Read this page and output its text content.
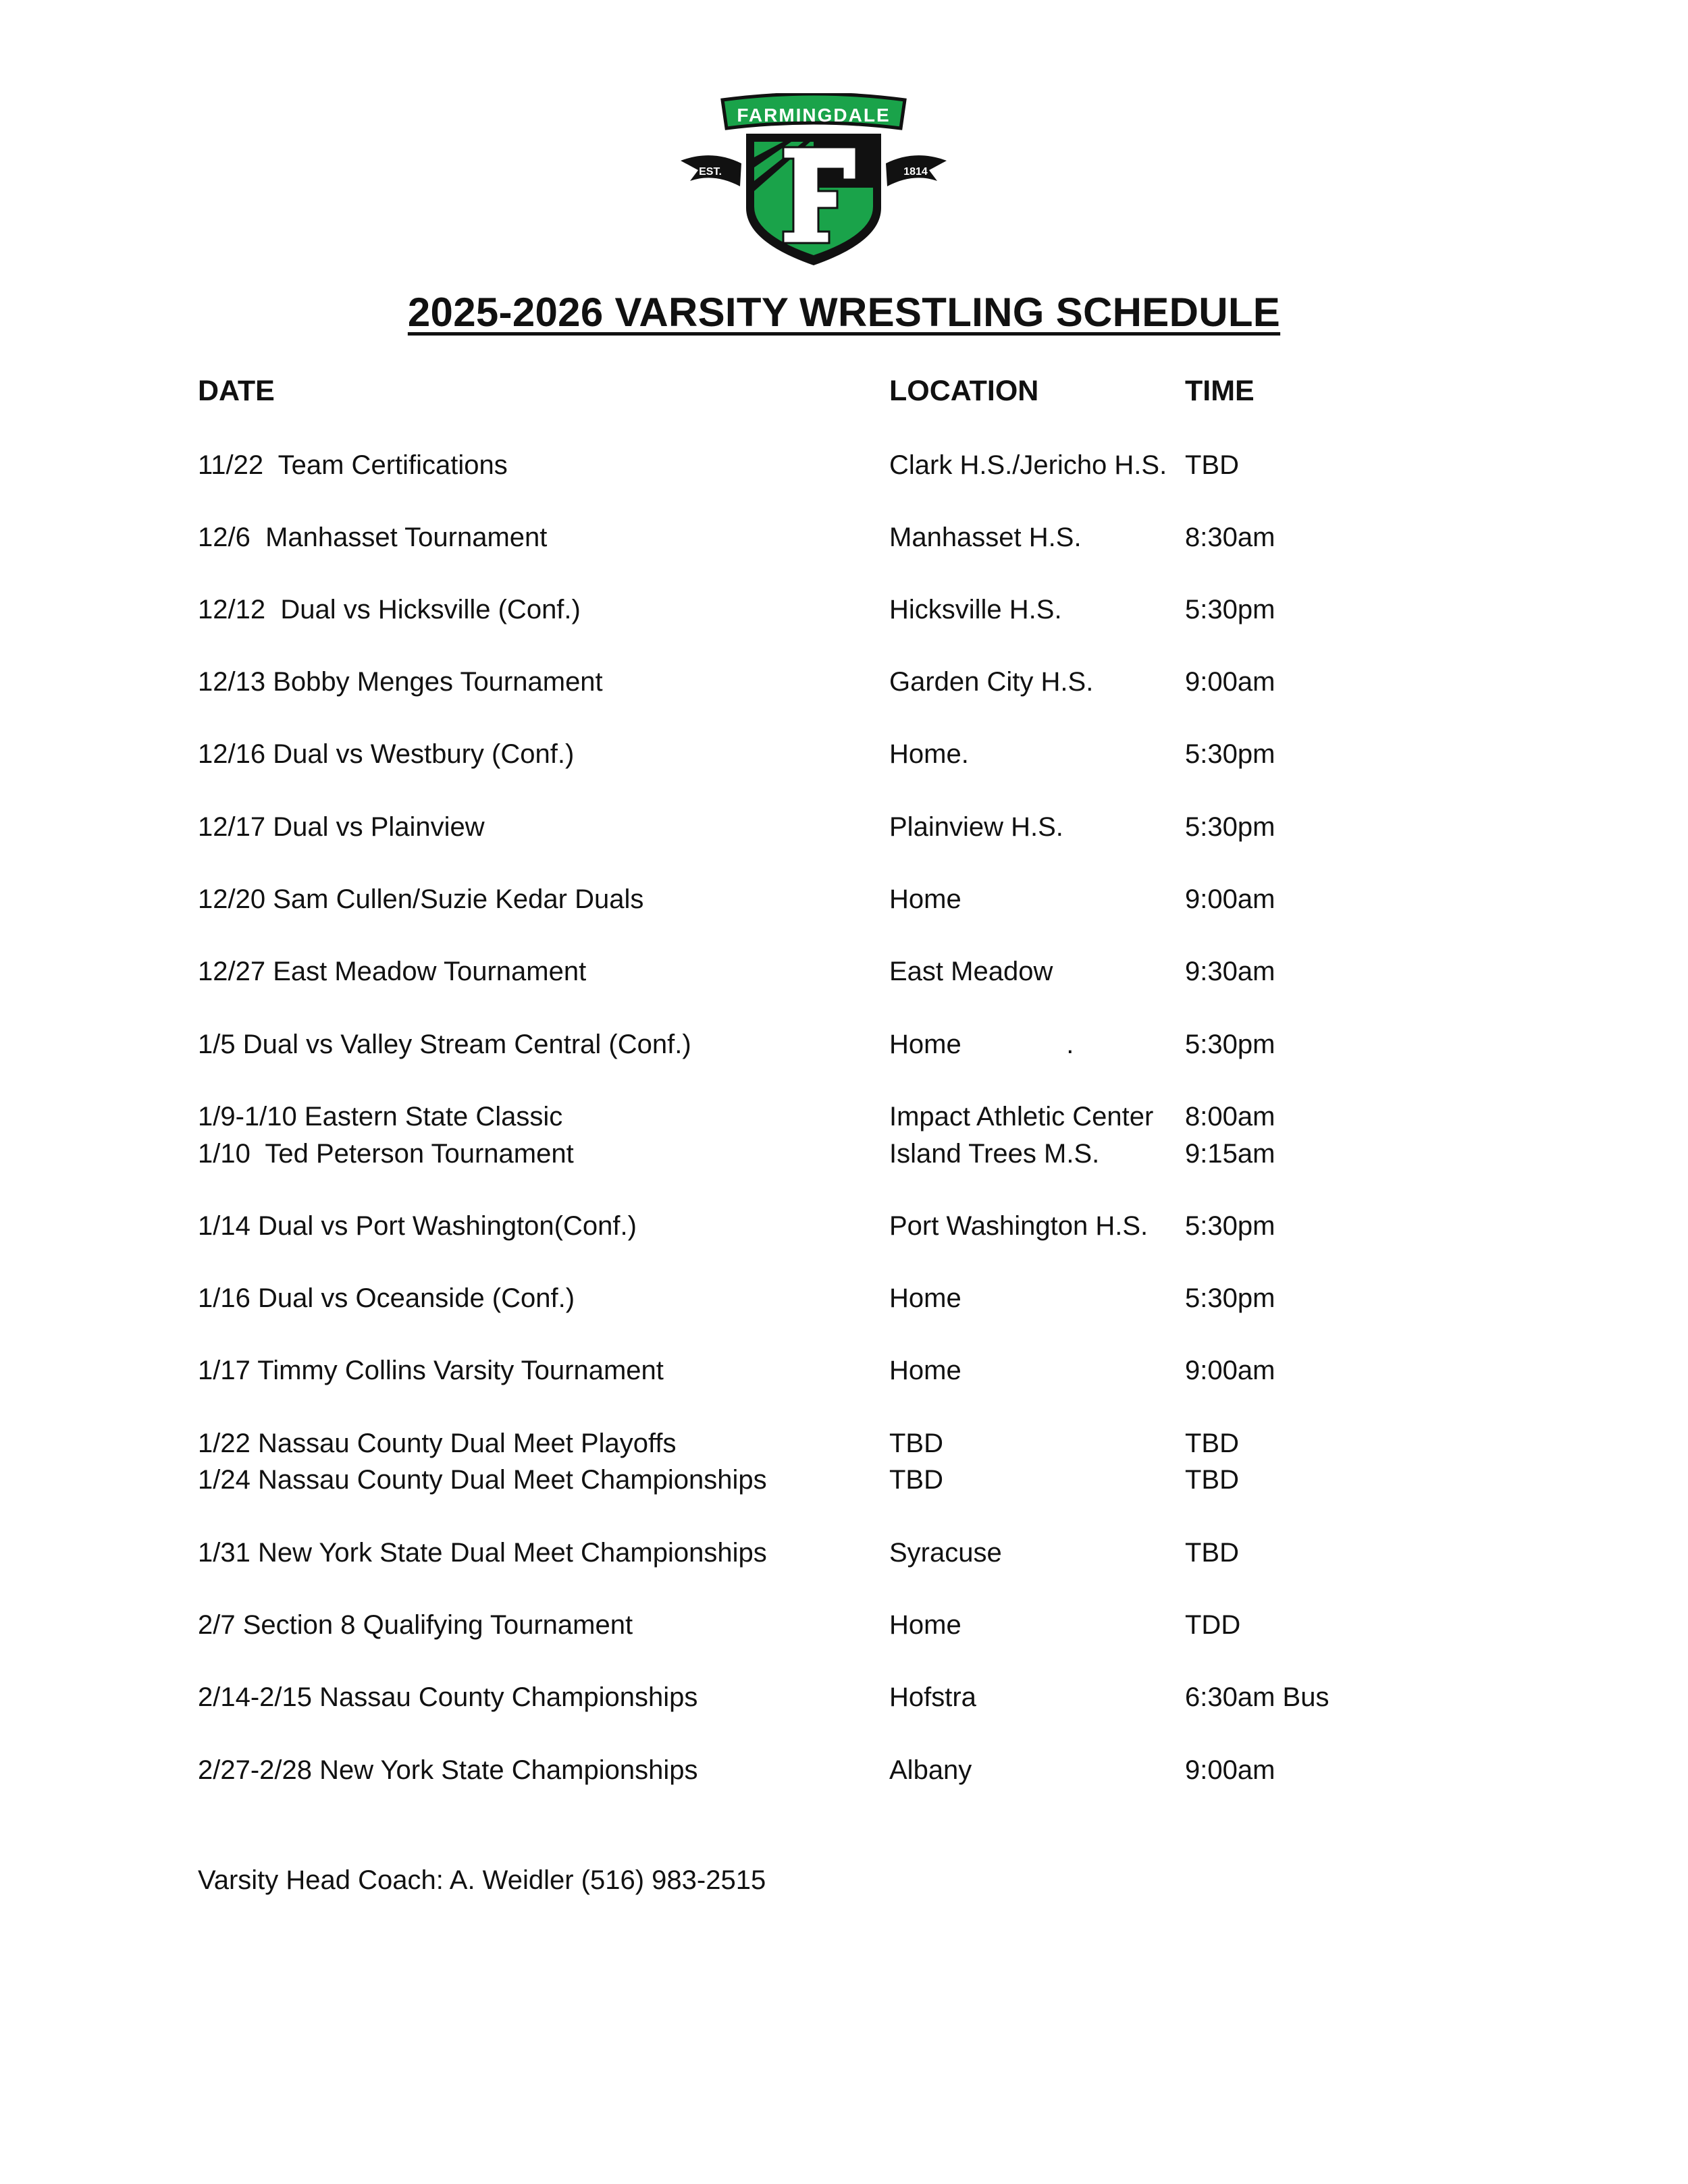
FARMINGDALE
EST.	1814
F
2025-2026 VARSITY WRESTLING SCHEDULE
DATE	LOCATION	TIME
11/22  Team Certifications	Clark H.S./Jericho H.S. TBD
12/6  Manhasset Tournament	Manhasset H.S.	8:30am
12/12  Dual vs Hicksville (Conf.)	Hicksville H.S.	5:30pm
12/13 Bobby Menges Tournament	Garden City H.S.	9:00am
12/16 Dual vs Westbury (Conf.)	Home.	5:30pm
12/17 Dual vs Plainview	Plainview H.S.	5:30pm
12/20 Sam Cullen/Suzie Kedar Duals	Home	9:00am
12/27 East Meadow Tournament	East Meadow	9:30am
1/5 Dual vs Valley Stream Central (Conf.)	Home              .	5:30pm
1/9-1/10 Eastern State Classic	Impact Athletic Center 8:00am
1/10  Ted Peterson Tournament	Island Trees M.S.	9:15am
1/14 Dual vs Port Washington(Conf.)	Port Washington H.S. 5:30pm
1/16 Dual vs Oceanside (Conf.)	Home	5:30pm
1/17 Timmy Collins Varsity Tournament	Home	9:00am
1/22 Nassau County Dual Meet Playoffs	TBD	TBD
1/24 Nassau County Dual Meet Championships	TBD	TBD
1/31 New York State Dual Meet Championships	Syracuse	TBD
2/7 Section 8 Qualifying Tournament	Home	TDD
2/14-2/15 Nassau County Championships	Hofstra	6:30am Bus
2/27-2/28 New York State Championships	Albany	9:00am
Varsity Head Coach: A. Weidler (516) 983-2515
